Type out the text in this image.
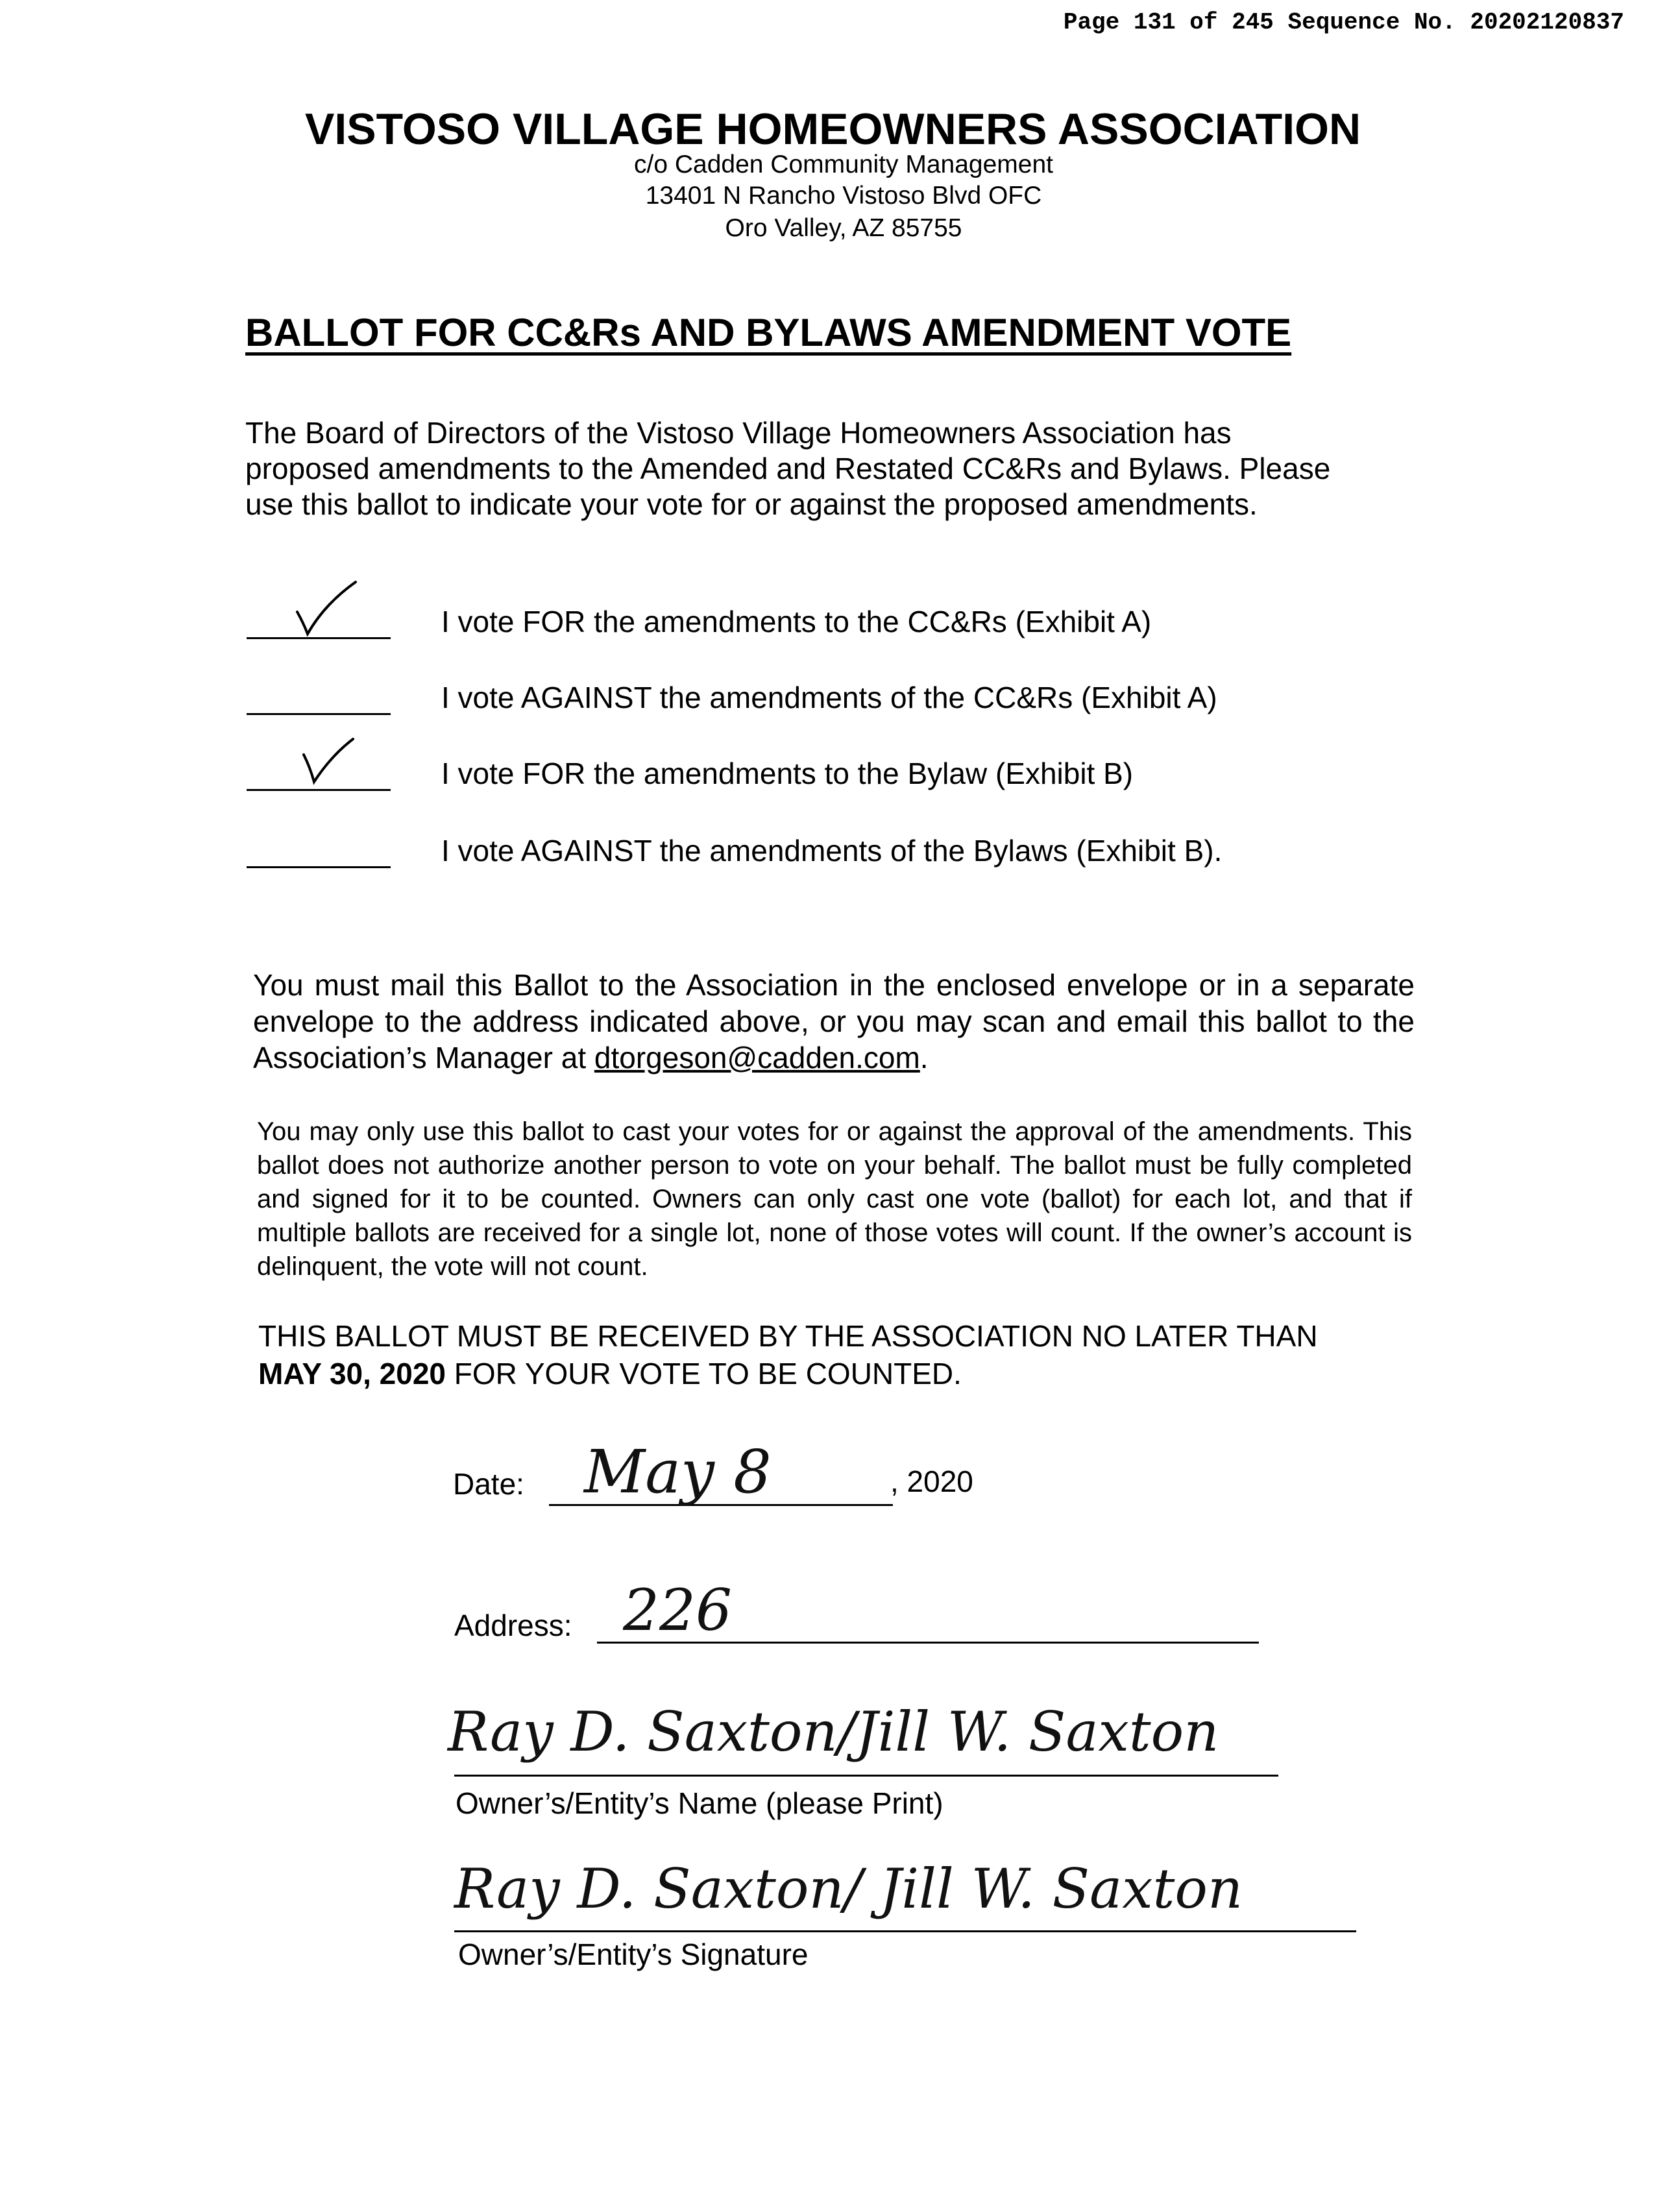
Page 131 of 245 Sequence No. 20202120837
VISTOSO VILLAGE HOMEOWNERS ASSOCIATION
c/o Cadden Community Management
13401 N Rancho Vistoso Blvd OFC
Oro Valley, AZ 85755
BALLOT FOR CC&Rs AND BYLAWS AMENDMENT VOTE
The Board of Directors of the Vistoso Village Homeowners Association has proposed amendments to the Amended and Restated CC&Rs and Bylaws. Please use this ballot to indicate your vote for or against the proposed amendments.
I vote FOR the amendments to the CC&Rs (Exhibit A)
I vote AGAINST the amendments of the CC&Rs (Exhibit A)
I vote FOR the amendments to the Bylaw (Exhibit B)
I vote AGAINST the amendments of the Bylaws (Exhibit B).
You must mail this Ballot to the Association in the enclosed envelope or in a separate envelope to the address indicated above, or you may scan and email this ballot to the Association’s Manager at dtorgeson@cadden.com.
You may only use this ballot to cast your votes for or against the approval of the amendments. This ballot does not authorize another person to vote on your behalf. The ballot must be fully completed and signed for it to be counted. Owners can only cast one vote (ballot) for each lot, and that if multiple ballots are received for a single lot, none of those votes will count. If the owner’s account is delinquent, the vote will not count.
THIS BALLOT MUST BE RECEIVED BY THE ASSOCIATION NO LATER THAN
MAY 30, 2020 FOR YOUR VOTE TO BE COUNTED.
Date: May 8	, 2020
Address: 226
Ray D. Saxton/Jill W. Saxton
Owner’s/Entity’s Name (please Print)
Ray D. Saxton/ Jill W. Saxton
Owner’s/Entity’s Signature
